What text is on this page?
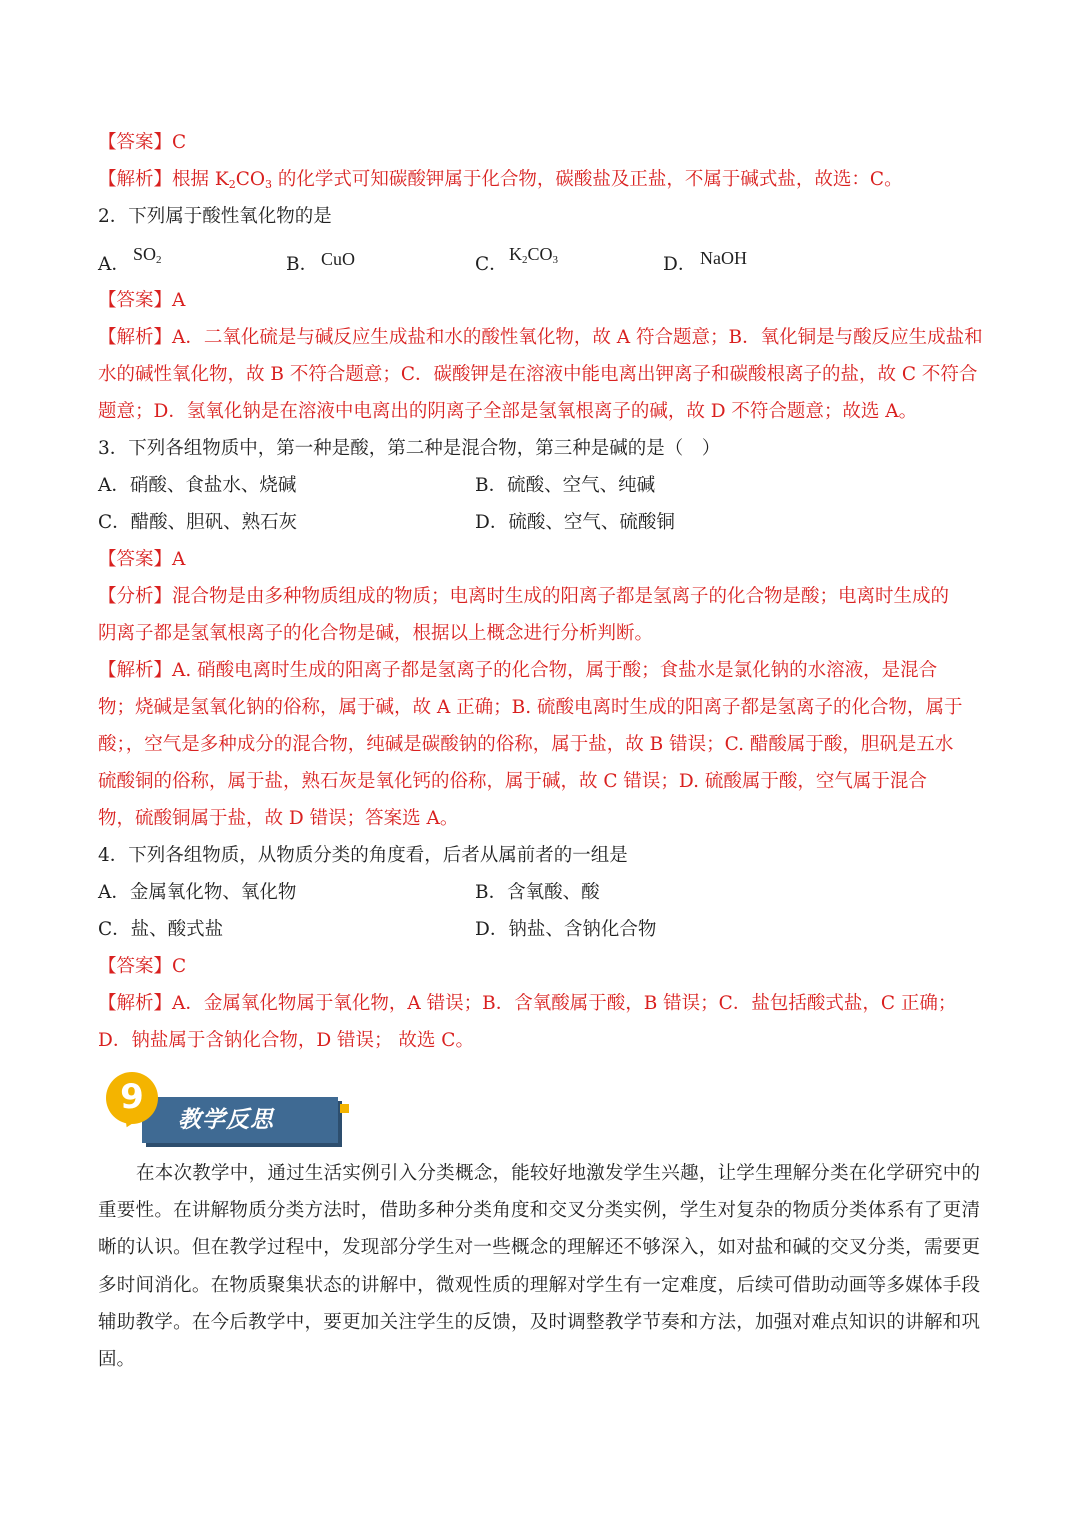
【答案】C
【解析】根据 $K_2CO_3$ 的化学式可知碳酸钾属于化合物，碳酸盐及正盐，不属于碱式盐，故选：C。
2．下列属于酸性氧化物的是
A． $SO_2$	B． CuO	C． $K_2CO_3$	D． NaOH
【答案】A
【解析】A．二氧化硫是与碱反应生成盐和水的酸性氧化物，故 A 符合题意；B．氧化铜是与酸反应生成盐和
水的碱性氧化物，故 B 不符合题意；C．碳酸钾是在溶液中能电离出钾离子和碳酸根离子的盐，故 C 不符合
题意；D．氢氧化钠是在溶液中电离出的阴离子全部是氢氧根离子的碱，故 D 不符合题意；故选 A。
3．下列各组物质中，第一种是酸，第二种是混合物，第三种是碱的是（　）
A．硝酸、食盐水、烧碱	B．硫酸、空气、纯碱
C．醋酸、胆矾、熟石灰	D．硫酸、空气、硫酸铜
【答案】A
【分析】混合物是由多种物质组成的物质；电离时生成的阳离子都是氢离子的化合物是酸；电离时生成的
阴离子都是氢氧根离子的化合物是碱，根据以上概念进行分析判断。
【解析】A. 硝酸电离时生成的阳离子都是氢离子的化合物，属于酸；食盐水是氯化钠的水溶液，是混合
物；烧碱是氢氧化钠的俗称，属于碱，故 A 正确；B. 硫酸电离时生成的阳离子都是氢离子的化合物，属于
酸；，空气是多种成分的混合物，纯碱是碳酸钠的俗称，属于盐，故 B 错误；C. 醋酸属于酸，胆矾是五水
硫酸铜的俗称，属于盐，熟石灰是氧化钙的俗称，属于碱，故 C 错误；D. 硫酸属于酸，空气属于混合
物，硫酸铜属于盐，故 D 错误；答案选 A。
4．下列各组物质，从物质分类的角度看，后者从属前者的一组是
A．金属氧化物、氧化物	B．含氧酸、酸
C．盐、酸式盐	D．钠盐、含钠化合物
【答案】C
【解析】A．金属氧化物属于氧化物，A 错误；B．含氧酸属于酸，B 错误；C．盐包括酸式盐，C 正确；
D．钠盐属于含钠化合物，D 错误； 故选 C。
9
教学反思
在本次教学中，通过生活实例引入分类概念，能较好地激发学生兴趣，让学生理解分类在化学研究中的重要性。在讲解物质分类方法时，借助多种分类角度和交叉分类实例，学生对复杂的物质分类体系有了更清晰的认识。但在教学过程中，发现部分学生对一些概念的理解还不够深入，如对盐和碱的交叉分类，需要更多时间消化。在物质聚集状态的讲解中，微观性质的理解对学生有一定难度，后续可借助动画等多媒体手段辅助教学。在今后教学中，要更加关注学生的反馈，及时调整教学节奏和方法，加强对难点知识的讲解和巩固。
